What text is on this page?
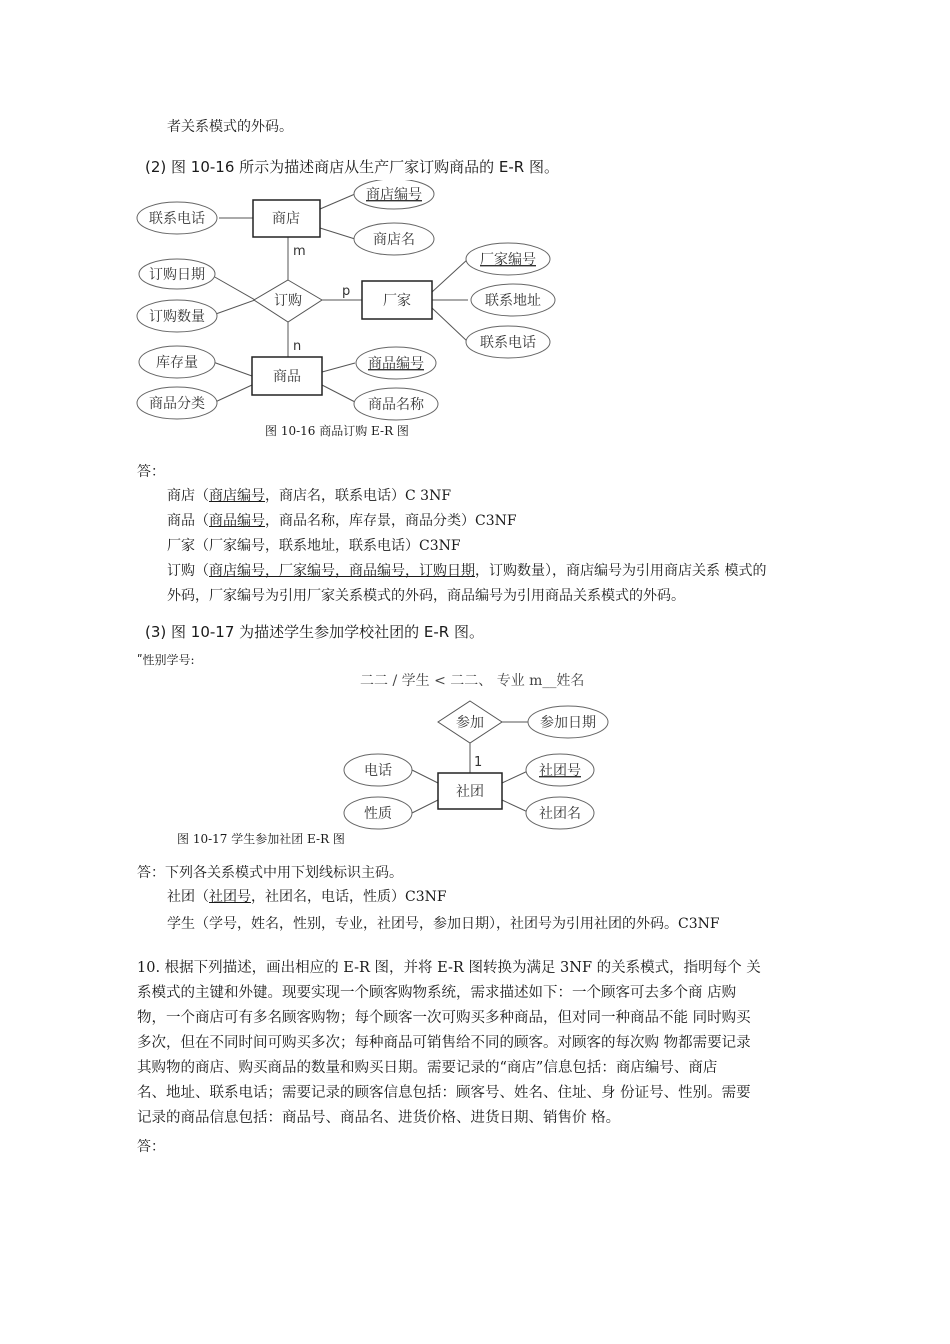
者关系模式的外码。
(2) 图 10-16 所示为描述商店从生产厂家订购商品的 E-R 图。
商店
厂家
商品
订购
m
p
n
联系电话
商店编号
商店名
订购日期
订购数量
厂家编号
联系地址
联系电话
库存量
商品分类
商品编号
商品名称
图 10-16 商品订购 E-R 图
答：
商店（商店编号，商店名，联系电话）C 3NF
商品（商品编号，商品名称，库存景，商品分类）C3NF
厂家（厂家编号，联系地址，联系电话）C3NF
订购（商店编号，厂家编号，商品编号，订购日期，订购数量），商店编号为引用商店关系 模式的
外码，厂家编号为引用厂家关系模式的外码，商品编号为引用商品关系模式的外码。
(3) 图 10-17 为描述学生参加学校社团的 E-R 图。
ʺ性别学号:
二二 / 学生 < 二二、 专业 m__姓名
参加
社团
1
参加日期
电话
性质
社团号
社团名
图 10-17 学生参加社团 E-R 图
答：下列各关系模式中用下划线标识主码。
社团（社团号，社团名，电话，性质）C3NF
学生（学号，姓名，性别，专业，社团号，参加日期），社团号为引用社团的外码。C3NF
10. 根据下列描述，画出相应的 E-R 图，并将 E-R 图转换为满足 3NF 的关系模式，指明每个 关
系模式的主键和外键。现要实现一个顾客购物系统，需求描述如下：一个顾客可去多个商 店购
物，一个商店可有多名顾客购物；每个顾客一次可购买多种商品，但对同一种商品不能 同时购买
多次，但在不同时间可购买多次；每种商品可销售给不同的顾客。对顾客的每次购 物都需要记录
其购物的商店、购买商品的数量和购买日期。需要记录的“商店”信息包括：商店编号、商店
名、地址、联系电话；需要记录的顾客信息包括：顾客号、姓名、住址、身 份证号、性别。需要
记录的商品信息包括：商品号、商品名、进货价格、进货日期、销售价 格。
答：
